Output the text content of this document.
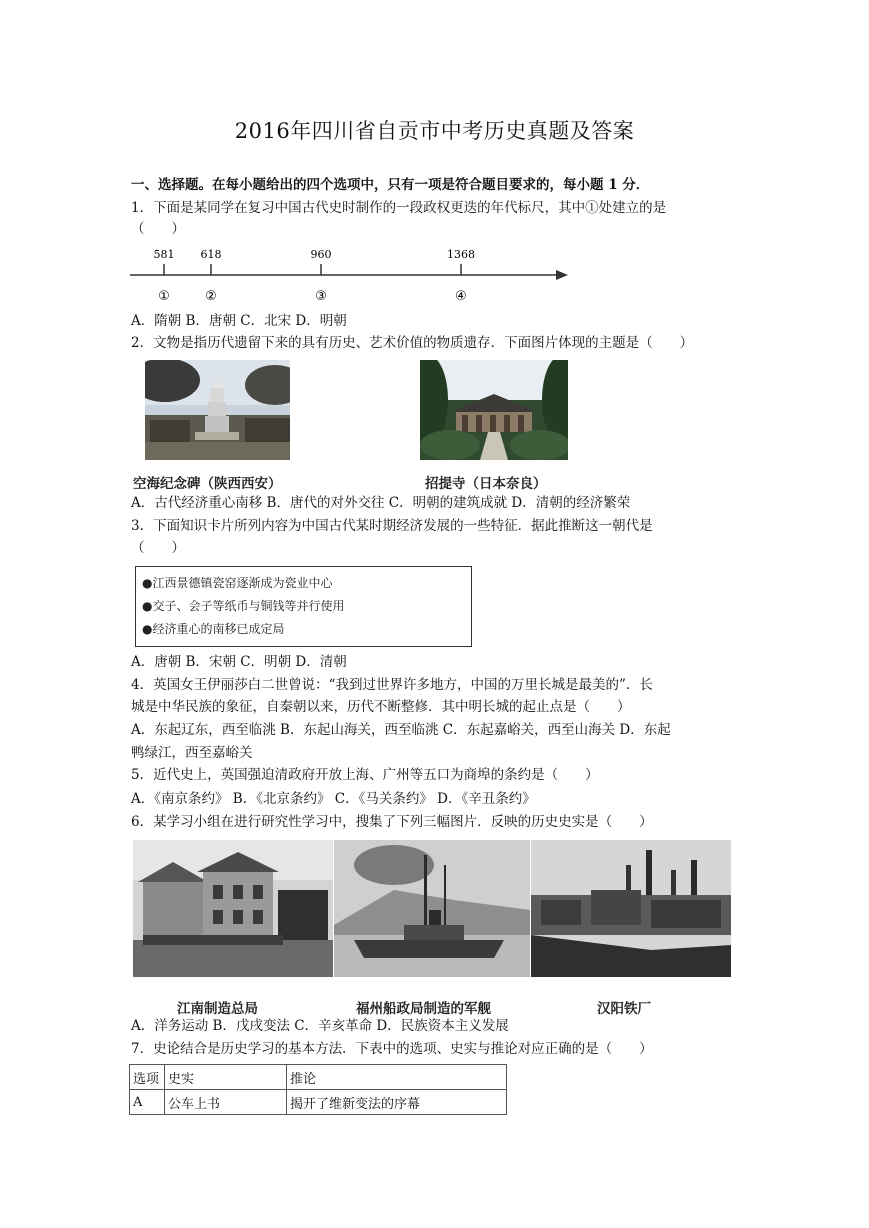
2016年四川省自贡市中考历史真题及答案
一、选择题。在每小题给出的四个选项中，只有一项是符合题目要求的，每小题 1 分．
1．下面是某同学在复习中国古代史时制作的一段政权更迭的年代标尺，其中①处建立的是
（　　）
581 618	960	1368
①	②	③	④
A．隋朝 B．唐朝 C．北宋 D．明朝
2．文物是指历代遗留下来的具有历史、艺术价值的物质遗存．下面图片体现的主题是（　　）
空海纪念碑（陕西西安）	招提寺（日本奈良）
A．古代经济重心南移 B．唐代的对外交往 C．明朝的建筑成就 D．清朝的经济繁荣
3．下面知识卡片所列内容为中国古代某时期经济发展的一些特征．据此推断这一朝代是
（　　）
●江西景德镇瓷窑逐渐成为瓷业中心
●交子、会子等纸币与铜钱等并行使用
●经济重心的南移已成定局
A．唐朝 B．宋朝 C．明朝 D．清朝
4．英国女王伊丽莎白二世曾说：“我到过世界许多地方，中国的万里长城是最美的”．长
城是中华民族的象征，自秦朝以来，历代不断整修．其中明长城的起止点是（　　）
A．东起辽东，西至临洮 B．东起山海关，西至临洮 C．东起嘉峪关，西至山海关 D．东起
鸭绿江，西至嘉峪关
5．近代史上，英国强迫清政府开放上海、广州等五口为商埠的条约是（　　）
A．《南京条约》 B．《北京条约》 C．《马关条约》 D．《辛丑条约》
6．某学习小组在进行研究性学习中，搜集了下列三幅图片．反映的历史史实是（　　）
江南制造总局	福州船政局制造的军舰	汉阳铁厂
A．洋务运动 B．戊戌变法 C．辛亥革命 D．民族资本主义发展
7．史论结合是历史学习的基本方法．下表中的选项、史实与推论对应正确的是（　　）
选项	史实	推论
A	公车上书	揭开了维新变法的序幕
